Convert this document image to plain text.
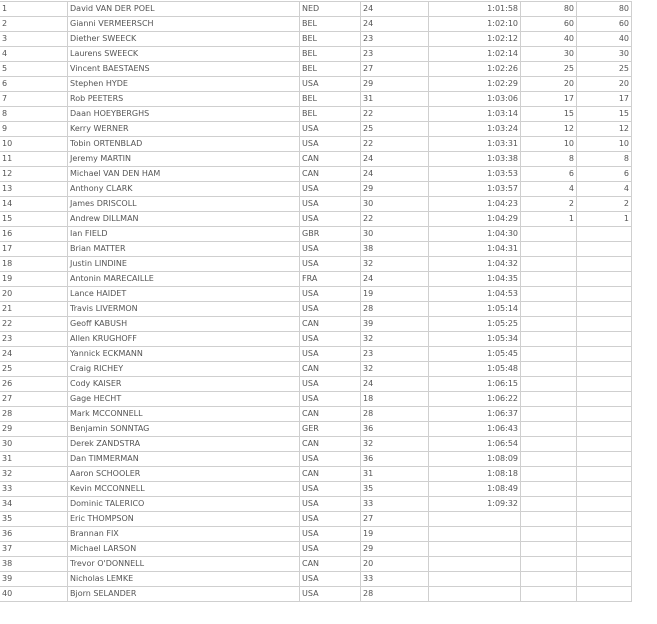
1	David VAN DER POEL	NED	24	1:01:58	80	80
2	Gianni VERMEERSCH	BEL	24	1:02:10	60	60
3	Diether SWEECK	BEL	23	1:02:12	40	40
4	Laurens SWEECK	BEL	23	1:02:14	30	30
5	Vincent BAESTAENS	BEL	27	1:02:26	25	25
6	Stephen HYDE	USA	29	1:02:29	20	20
7	Rob PEETERS	BEL	31	1:03:06	17	17
8	Daan HOEYBERGHS	BEL	22	1:03:14	15	15
9	Kerry WERNER	USA	25	1:03:24	12	12
10	Tobin ORTENBLAD	USA	22	1:03:31	10	10
11	Jeremy MARTIN	CAN	24	1:03:38	8	8
12	Michael VAN DEN HAM	CAN	24	1:03:53	6	6
13	Anthony CLARK	USA	29	1:03:57	4	4
14	James DRISCOLL	USA	30	1:04:23	2	2
15	Andrew DILLMAN	USA	22	1:04:29	1	1
16	Ian FIELD	GBR	30	1:04:30		
17	Brian MATTER	USA	38	1:04:31		
18	Justin LINDINE	USA	32	1:04:32		
19	Antonin MARECAILLE	FRA	24	1:04:35		
20	Lance HAIDET	USA	19	1:04:53		
21	Travis LIVERMON	USA	28	1:05:14		
22	Geoff KABUSH	CAN	39	1:05:25		
23	Allen KRUGHOFF	USA	32	1:05:34		
24	Yannick ECKMANN	USA	23	1:05:45		
25	Craig RICHEY	CAN	32	1:05:48		
26	Cody KAISER	USA	24	1:06:15		
27	Gage HECHT	USA	18	1:06:22		
28	Mark MCCONNELL	CAN	28	1:06:37		
29	Benjamin SONNTAG	GER	36	1:06:43		
30	Derek ZANDSTRA	CAN	32	1:06:54		
31	Dan TIMMERMAN	USA	36	1:08:09		
32	Aaron SCHOOLER	CAN	31	1:08:18		
33	Kevin MCCONNELL	USA	35	1:08:49		
34	Dominic TALERICO	USA	33	1:09:32		
35	Eric THOMPSON	USA	27			
36	Brannan FIX	USA	19			
37	Michael LARSON	USA	29			
38	Trevor O'DONNELL	CAN	20			
39	Nicholas LEMKE	USA	33			
40	Bjorn SELANDER	USA	28			
